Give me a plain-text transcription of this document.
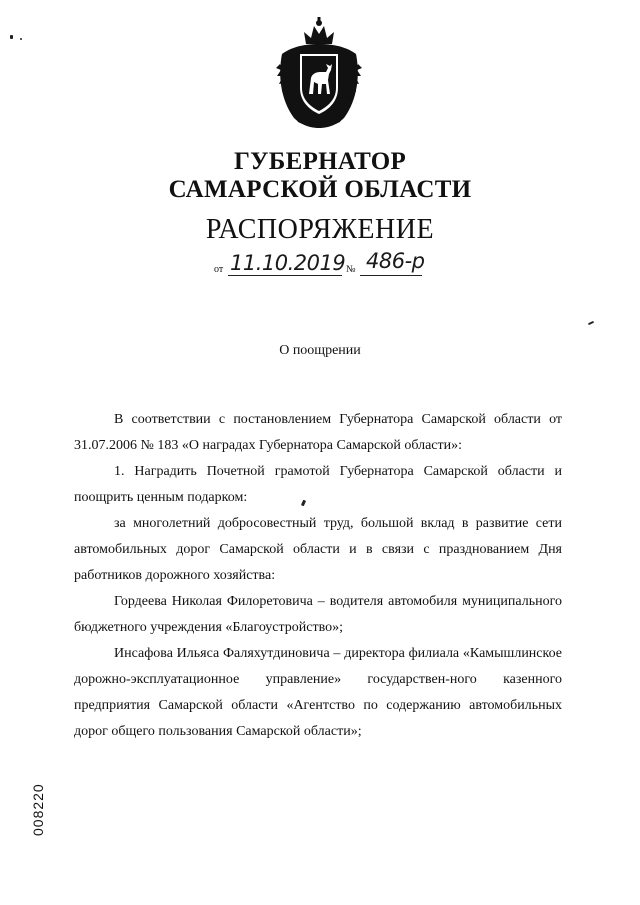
ГУБЕРНАТОР
САМАРСКОЙ ОБЛАСТИ
РАСПОРЯЖЕНИЕ
от 11.10.2019 № 486-р
О поощрении

В соответствии с постановлением Губернатора Самарской области от 31.07.2006 № 183 «О наградах Губернатора Самарской области»:

1. Наградить Почетной грамотой Губернатора Самарской области и поощрить ценным подарком:

за многолетний добросовестный труд, большой вклад в развитие сети автомобильных дорог Самарской области и в связи с празднованием Дня работников дорожного хозяйства:

Гордеева Николая Филоретовича – водителя автомобиля муниципального бюджетного учреждения «Благоустройство»;

Инсафова Ильяса Фаляхутдиновича – директора филиала «Камышлинское дорожно-эксплуатационное управление» государствен-ного казенного предприятия Самарской области «Агентство по содержанию автомобильных дорог общего пользования Самарской области»;

008220
